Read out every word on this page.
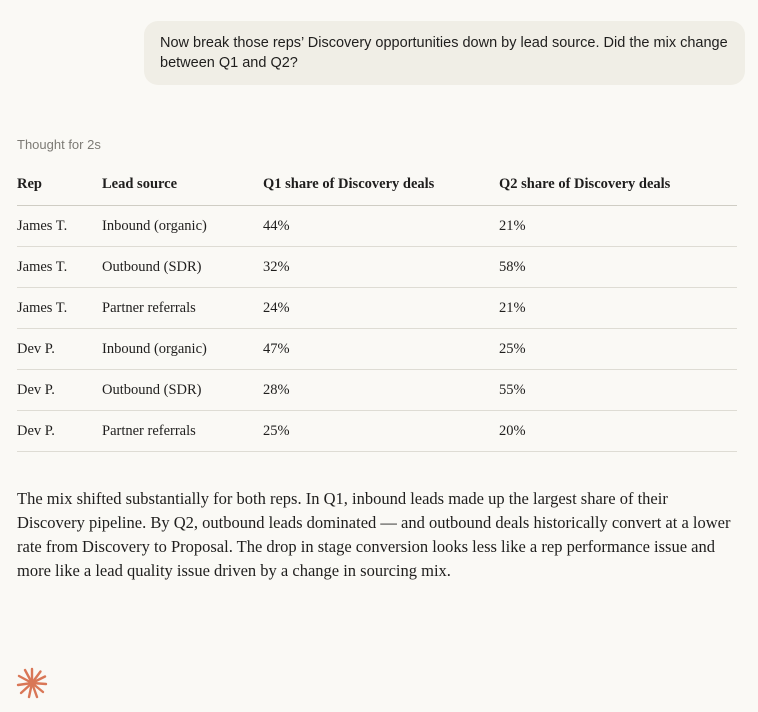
Now break those reps’ Discovery opportunities down by lead source. Did the mix change between Q1 and Q2?
Thought for 2s
Rep	Lead source	Q1 share of Discovery deals	Q2 share of Discovery deals
James T.	Inbound (organic)	44%	21%
James T.	Outbound (SDR)	32%	58%
James T.	Partner referrals	24%	21%
Dev P.	Inbound (organic)	47%	25%
Dev P.	Outbound (SDR)	28%	55%
Dev P.	Partner referrals	25%	20%

The mix shifted substantially for both reps. In Q1, inbound leads made up the largest share of their Discovery pipeline. By Q2, outbound leads dominated — and outbound deals historically convert at a lower rate from Discovery to Proposal. The drop in stage conversion looks less like a rep performance issue and more like a lead quality issue driven by a change in sourcing mix.
